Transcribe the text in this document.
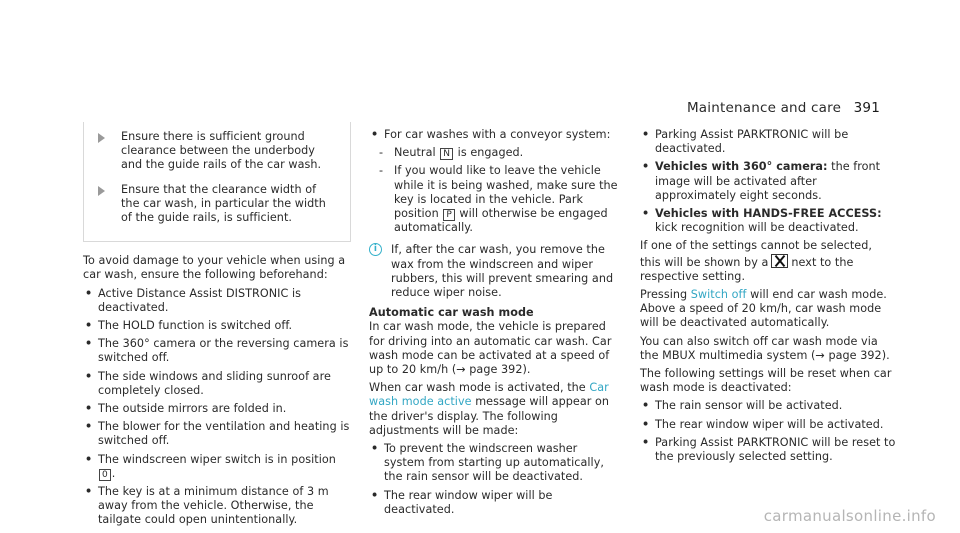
Maintenance and care 391
Ensure there is sufficient ground clearance between the underbody and the guide rails of the car wash.
Ensure that the clearance width of the car wash, in particular the width of the guide rails, is sufficient.

To avoid damage to your vehicle when using a car wash, ensure the following beforehand:

• Active Distance Assist DISTRONIC is deactivated.
• The HOLD function is switched off.
• The 360° camera or the reversing camera is switched off.
• The side windows and sliding sunroof are completely closed.
• The outside mirrors are folded in.
• The blower for the ventilation and heating is switched off.
• The windscreen wiper switch is in position 0 .
• The key is at a minimum distance of 3 m away from the vehicle. Otherwise, the tailgate could open unintentionally.
• For car washes with a conveyor system:
- Neutral N is engaged.
- If you would like to leave the vehicle while it is being washed, make sure the key is located in the vehicle. Park position P will otherwise be engaged automatically.
i	If, after the car wash, you remove the wax from the windscreen and wiper rubbers, this will prevent smearing and reduce wiper noise.

Automatic car wash mode

In car wash mode, the vehicle is prepared for driving into an automatic car wash. Car wash mode can be activated at a speed of up to 20 km/h (→ page 392).

When car wash mode is activated, the Car wash mode active message will appear on the driver's display. The following adjustments will be made:

• To prevent the windscreen washer system from starting up automatically, the rain sensor will be deactivated.
• The rear window wiper will be deactivated.
• Parking Assist PARKTRONIC will be deactivated.
• Vehicles with 360° camera: the front image will be activated after approximately eight seconds.
• Vehicles with HANDS-FREE ACCESS: kick recognition will be deactivated.

If one of the settings cannot be selected, this will be shown by a next to the respective setting.

Pressing Switch off will end car wash mode. Above a speed of 20 km/h, car wash mode will be deactivated automatically.

You can also switch off car wash mode via the MBUX multimedia system (→ page 392).

The following settings will be reset when car wash mode is deactivated:

• The rain sensor will be activated.
• The rear window wiper will be activated.
• Parking Assist PARKTRONIC will be reset to the previously selected setting.
carmanualsonline.info
